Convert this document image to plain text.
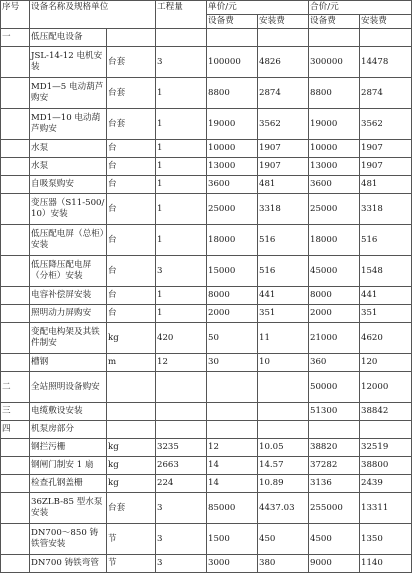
序号	设备名称及规格单位		工程量	单价/元		合价/元	
				设备费	安装费	设备费	安装费
一	低压配电设备						
	JSL-14-12 电机安装	台套	3	100000	4826	300000	14478
	MD1—5 电动葫芦购安	台套	1	8800	2874	8800	2874
	MD1—10 电动葫芦购安	台套	1	19000	3562	19000	3562
	水泵	台	1	10000	1907	10000	1907
	水泵	台	1	13000	1907	13000	1907
	自吸泵购安	台	1	3600	481	3600	481
	变压器（S11-500/10）安装	台	1	25000	3318	25000	3318
	低压配电屏（总柜）安装	台	1	18000	516	18000	516
	低压降压配电屏（分柜）安装	台	3	15000	516	45000	1548
	电容补偿屏安装	台	1	8000	441	8000	441
	照明动力屏购安	台	1	2000	351	2000	351
	变配电构架及其铁件制安	kg	420	50	11	21000	4620
	槽钢	m	12	30	10	360	120
二	全站照明设备购安					50000	12000
三	电缆敷设安装					51300	38842
四	机泵房部分						
	钢拦污栅	kg	3235	12	10.05	38820	32519
	钢闸门制安 1 扇	kg	2663	14	14.57	37282	38800
	检查孔钢盖栅	kg	224	14	10.89	3136	2439
	36ZLB-85 型水泵安装	台套	3	85000	4437.03	255000	13311
	DN700～850 铸铁管安装	节	3	1500	450	4500	1350
	DN700 铸铁弯管	节	3	3000	380	9000	1140
